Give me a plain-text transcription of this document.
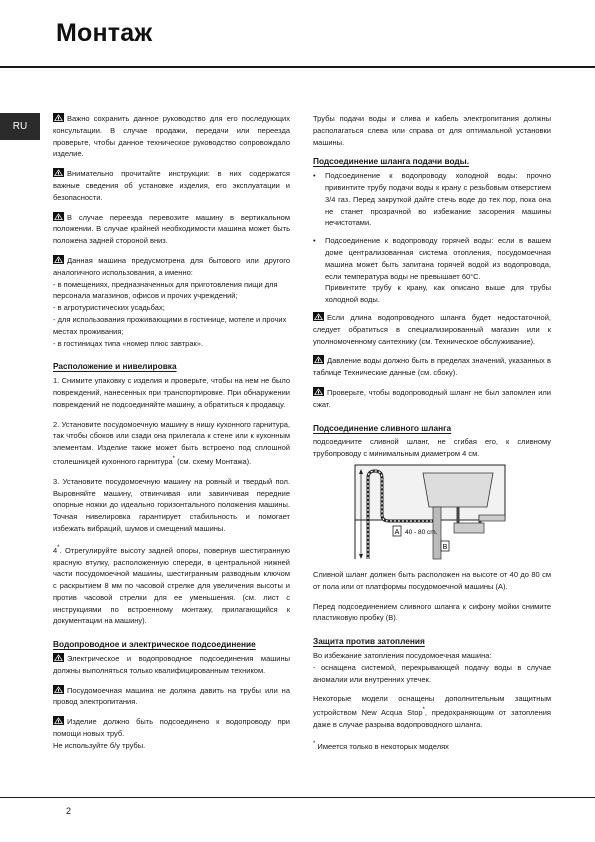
Монтаж
RU

Важно сохранить данное руководство для его последующих консультации. В случае продажи, передачи или переезда проверьте, чтобы данное техническое руководство сопровождало изделие.

Внимательно прочитайте инструкции: в них содержатся важные сведения об установке изделия, его эксплуатации и безопасности.

В случае переезда перевозите машину в вертикальном положении. В случае крайней необходимости машина может быть положена задней стороной вниз.

Данная машина предусмотрена для бытового или другого аналогичного использования, а именно:

- в помещениях, предназначенных для приготовления пищи для персонала магазинов, офисов и прочих учреждений;
- в агротуристических усадьбах;
- для использования проживающими в гостинице, мотеле и прочих местах проживания;
- в гостиницах типа «номер плюс завтрак».
Расположение и нивелировка

1. Снимите упаковку с изделия и проверьте, чтобы на нем не было повреждений, нанесенных при транспортировке. При обнаружении повреждений не подсоединяйте машину, а обратиться к продавцу.

2. Установите посудомоечную машину в нишу кухонного гарнитура, так чтобы сбоков или сзади она прилегала к стене или к кухонным элементам. Изделие также может быть встроено под сплошной столешницей кухонного гарнитура* (см. схему Монтажа).

3. Установите посудомоечную машину на ровный и твердый пол. Выровняйте машину, отвинчивая или завинчивая передние опорные ножки до идеально горизонтального положения машины. Точная нивелировка гарантирует стабильность и помогает избежать вибраций, шумов и смещений машины.

4*. Отрегулируйте высоту задней опоры, повернув шестигранную красную втулку, расположенную спереди, в центральной нижней части посудомоечной машины, шестигранным разводным ключом с раскрытием 8 мм по часовой стрелке для увеличения высоты и против часовой стрелки для ее уменьшения. (см. лист с инструкциями по встроенному монтажу, прилагающийся к документации на машину).

Водопроводное и электрическое подсоединение

Электрическое и водопроводное подсоединения машины должны выполняться только квалифицированным техником.

Посудомоечная машина не должна давить на трубы или на провод электропитания.

Изделие должно быть подсоединено к водопроводу при помощи новых труб.

Не используйте б/у трубы.

Трубы подачи воды и слива и кабель электропитания должны располагаться слева или справа от для оптимальной установки машины.

Подсоединение шланга подачи воды.
• Подсоединение к водопроводу холодной воды: прочно привинтите трубу подачи воды к крану с резьбовым отверстием 3/4 газ. Перед закруткой дайте стечь воде до тех пор, пока она не станет прозрачной во избежание засорения машины нечистотами.
• Подсоединение к водопроводу горячей воды: если в вашем доме централизованная система отопления, посудомоечная машина может быть запитана горячей водой из водопровода, если температура воды не превышает 60°C.
Привинтите трубу к крану, как описано выше для трубы холодной воды.

Если длина водопроводного шланга будет недостаточной, следует обратиться в специализированный магазин или к уполномоченному сантехнику (см. Техническое обслуживание).

Давление воды должно быть в пределах значений, указанных в таблице Технические данные (см. сбоку).

Проверьте, чтобы водопроводный шланг не был запомлен или сжат.

Подсоединение сливного шланга

подсоедините сливной шланг, не сгибая его, к сливному трубопроводу с минимальным диаметром 4 см.

A 40 - 80 cm.
B

Сливной шланг должен быть расположен на высоте от 40 до 80 см от пола или от платформы посудомоечной машины (A).

Перед подсоединением сливного шланга к сифону мойки снимите пластиковую пробку (B).

Защита против затопления

Во избежание затопления посудомоечная машина:

- оснащена системой, перекрывающей подачу воды в случае аномалии или внутренних утечек.

Некоторые модели оснащены дополнительным защитным устройством New Acqua Stop*, предохраняющим от затопления даже в случае разрыва водопроводного шланга.

* Имеется только в некоторых моделях
2
